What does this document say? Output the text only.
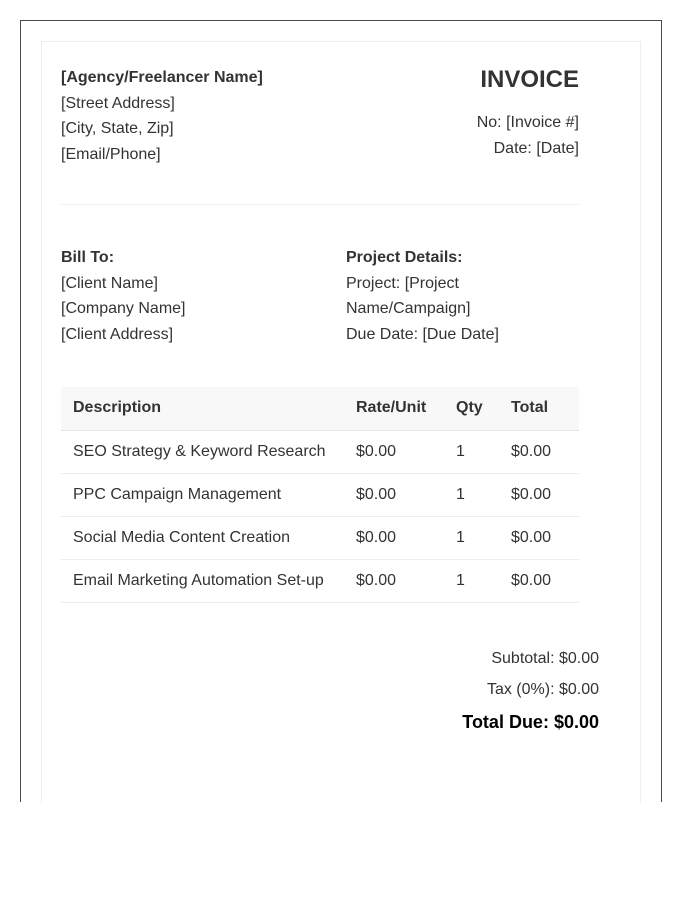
[Agency/Freelancer Name]
[Street Address]
[City, State, Zip]
[Email/Phone]
INVOICE
No: [Invoice #]
Date: [Date]
Bill To:
[Client Name]
[Company Name]
[Client Address]
Project Details:
Project: [Project Name/Campaign]
Due Date: [Due Date]
Description	Rate/Unit	Qty	Total
SEO Strategy & Keyword Research	$0.00	1	$0.00
PPC Campaign Management	$0.00	1	$0.00
Social Media Content Creation	$0.00	1	$0.00
Email Marketing Automation Set-up	$0.00	1	$0.00
Subtotal: $0.00
Tax (0%): $0.00
Total Due: $0.00
